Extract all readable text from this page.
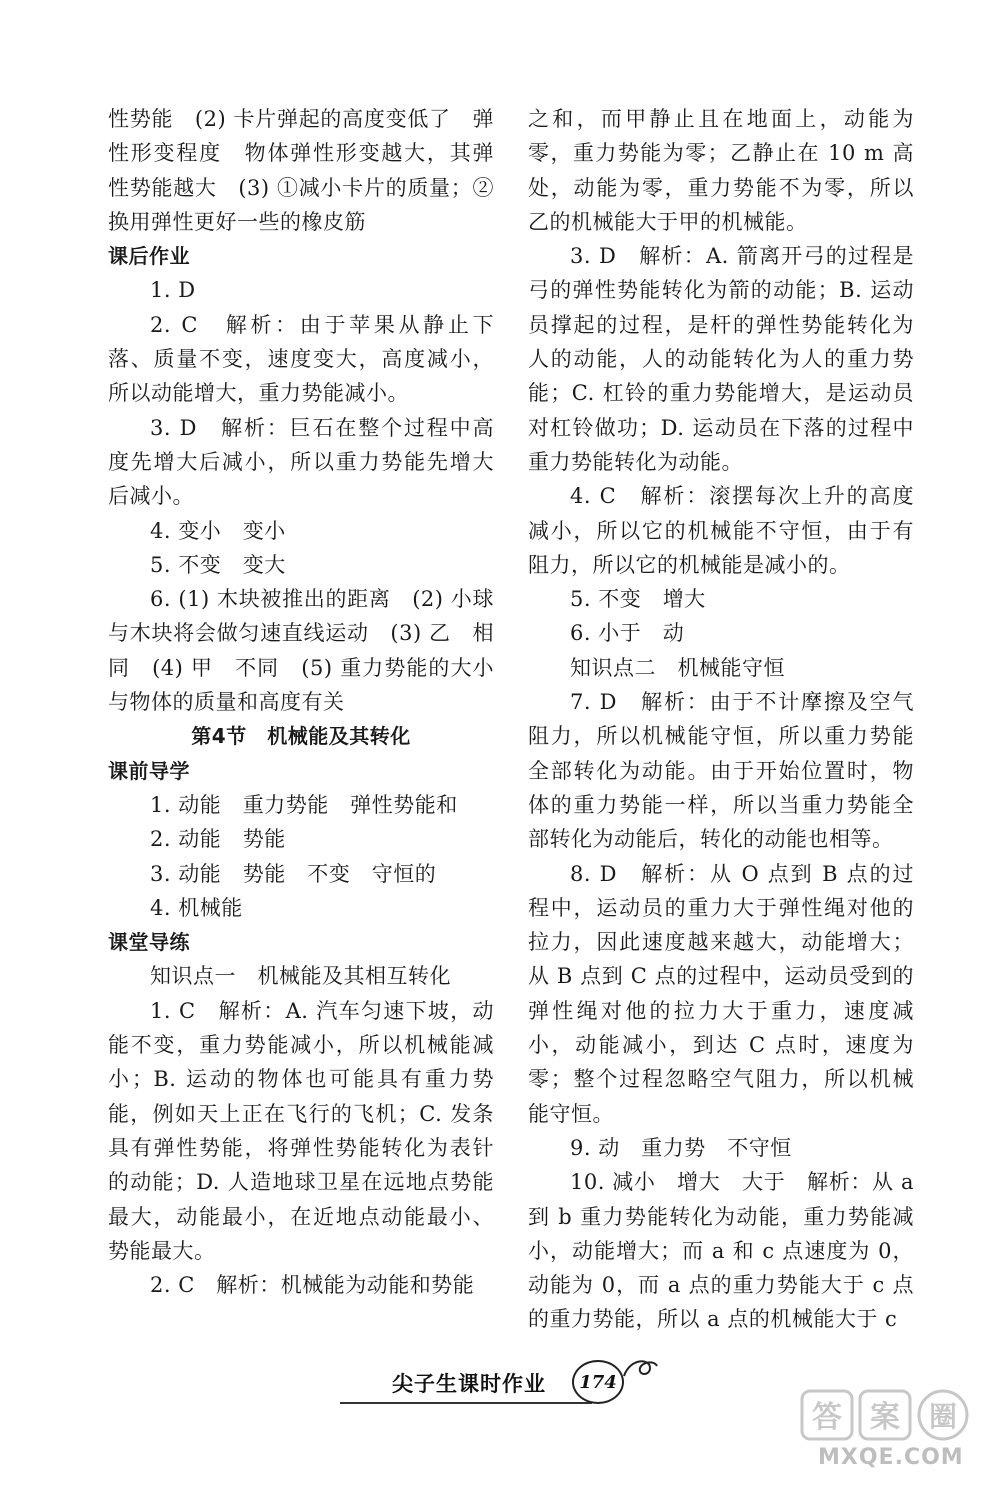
性势能　(2) 卡片弹起的高度变低了　弹性形变程度　物体弹性形变越大，其弹性势能越大　(3) ①减小卡片的质量；②换用弹性更好一些的橡皮筋

课后作业

1. D

2. C　解析：由于苹果从静止下落、质量不变，速度变大，高度减小，所以动能增大，重力势能减小。

3. D　解析：巨石在整个过程中高度先增大后减小，所以重力势能先增大后减小。

4. 变小　变小

5. 不变　变大

6. (1) 木块被推出的距离　(2) 小球与木块将会做匀速直线运动　(3) 乙　相同　(4) 甲　不同　(5) 重力势能的大小与物体的质量和高度有关

第4节　机械能及其转化

课前导学

1. 动能　重力势能　弹性势能和

2. 动能　势能

3. 动能　势能　不变　守恒的

4. 机械能

课堂导练

知识点一　机械能及其相互转化

1. C　解析：A. 汽车匀速下坡，动能不变，重力势能减小，所以机械能减小；B. 运动的物体也可能具有重力势能，例如天上正在飞行的飞机；C. 发条具有弹性势能，将弹性势能转化为表针的动能；D. 人造地球卫星在远地点势能最大，动能最小，在近地点动能最小、势能最大。

2. C　解析：机械能为动能和势能

之和，而甲静止且在地面上，动能为零，重力势能为零；乙静止在 10 m 高处，动能为零，重力势能不为零，所以乙的机械能大于甲的机械能。

3. D　解析：A. 箭离开弓的过程是弓的弹性势能转化为箭的动能；B. 运动员撑起的过程，是杆的弹性势能转化为人的动能，人的动能转化为人的重力势能；C. 杠铃的重力势能增大，是运动员对杠铃做功；D. 运动员在下落的过程中重力势能转化为动能。

4. C　解析：滚摆每次上升的高度减小，所以它的机械能不守恒，由于有阻力，所以它的机械能是减小的。

5. 不变　增大

6. 小于　动

知识点二　机械能守恒

7. D　解析：由于不计摩擦及空气阻力，所以机械能守恒，所以重力势能全部转化为动能。由于开始位置时，物体的重力势能一样，所以当重力势能全部转化为动能后，转化的动能也相等。

8. D　解析：从 O 点到 B 点的过程中，运动员的重力大于弹性绳对他的拉力，因此速度越来越大，动能增大；从 B 点到 C 点的过程中，运动员受到的弹性绳对他的拉力大于重力，速度减小，动能减小，到达 C 点时，速度为零；整个过程忽略空气阻力，所以机械能守恒。

9. 动　重力势　不守恒

10. 减小　增大　大于　解析：从 a 到 b 重力势能转化为动能，重力势能减小，动能增大；而 a 和 c 点速度为 0，动能为 0，而 a 点的重力势能大于 c 点的重力势能，所以 a 点的机械能大于 c

尖子生课时作业	174
答 案 圈
MXQE.COM
